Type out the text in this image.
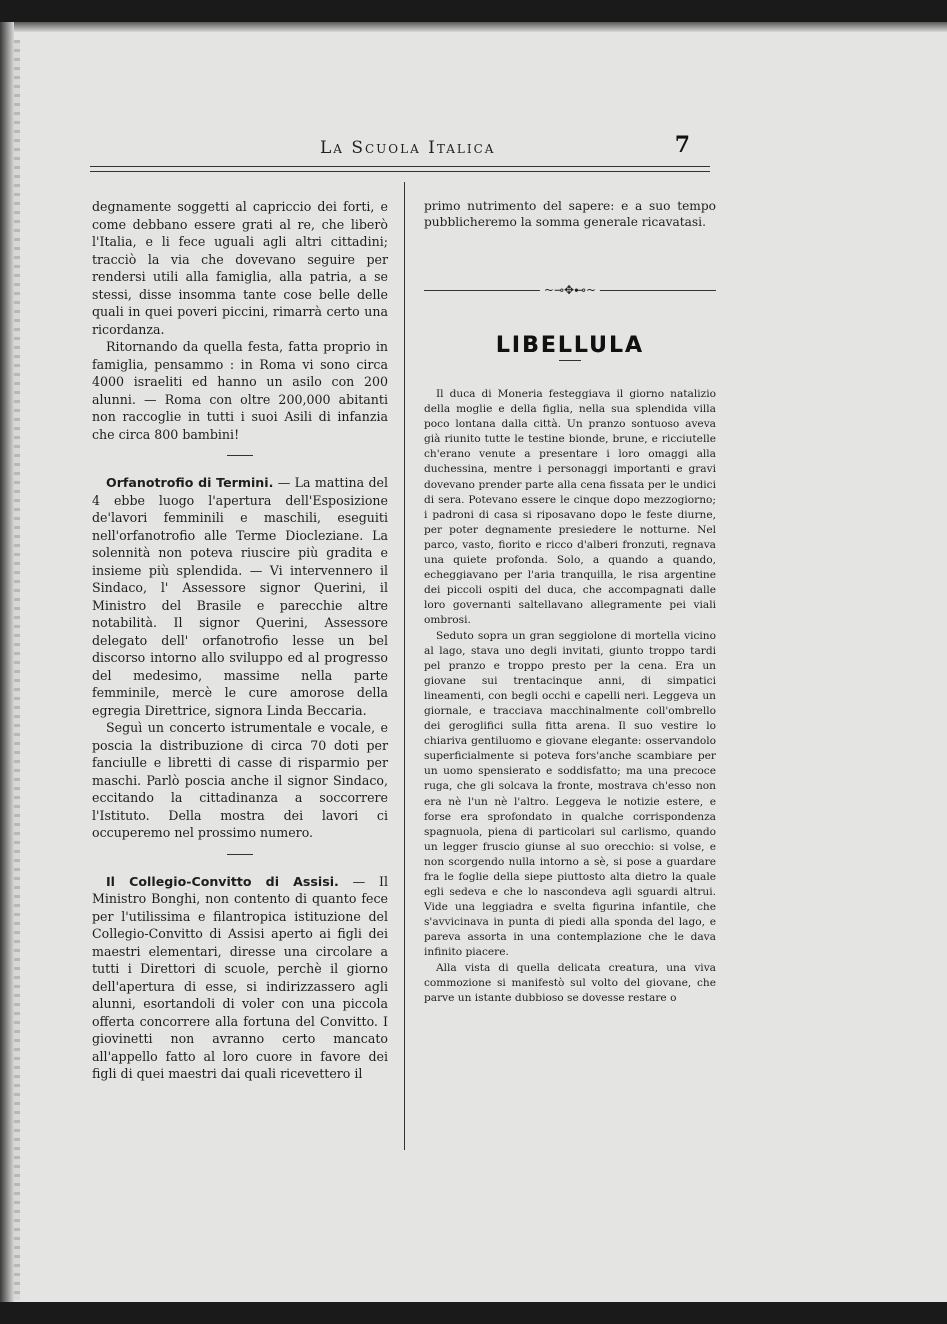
La Scuola Italica	7

degnamente soggetti al capriccio dei forti, e come debbano essere grati al re, che liberò l'Italia, e li fece uguali agli altri cittadini; tracciò la via che dovevano seguire per rendersi utili alla famiglia, alla patria, a se stessi, disse insomma tante cose belle delle quali in quei poveri piccini, rimarrà certo una ricordanza.

Ritornando da quella festa, fatta proprio in famiglia, pensammo : in Roma vi sono circa 4000 israeliti ed hanno un asilo con 200 alunni. — Roma con oltre 200,000 abitanti non raccoglie in tutti i suoi Asili di infanzia che circa 800 bambini!

Orfanotrofio di Termini. — La mattina del 4 ebbe luogo l'apertura dell'Esposizione de'lavori femminili e maschili, eseguiti nell'orfanotrofio alle Terme Diocleziane. La solennità non poteva riuscire più gradita e insieme più splendida. — Vi intervennero il Sindaco, l' Assessore signor Querini, il Ministro del Brasile e parecchie altre notabilità. Il signor Querini, Assessore delegato dell' orfanotrofio lesse un bel discorso intorno allo sviluppo ed al progresso del medesimo, massime nella parte femminile, mercè le cure amorose della egregia Direttrice, signora Linda Beccaria.

Seguì un concerto istrumentale e vocale, e poscia la distribuzione di circa 70 doti per fanciulle e libretti di casse di risparmio per maschi. Parlò poscia anche il signor Sindaco, eccitando la cittadinanza a soccorrere l'Istituto. Della mostra dei lavori ci occuperemo nel prossimo numero.

Il Collegio-Convitto di Assisi. — Il Ministro Bonghi, non contento di quanto fece per l'utilissima e filantropica istituzione del Collegio-Convitto di Assisi aperto ai figli dei maestri elementari, diresse una circolare a tutti i Direttori di scuole, perchè il giorno dell'apertura di esse, si indirizzassero agli alunni, esortandoli di voler con una piccola offerta concorrere alla fortuna del Convitto. I giovinetti non avranno certo mancato all'appello fatto al loro cuore in favore dei figli di quei maestri dai quali ricevettero il

primo nutrimento del sapere: e a suo tempo pubblicheremo la somma generale ricavatasi.

~⊸✥⊷~
LIBELLULA

Il duca di Moneria festeggiava il giorno natalizio della moglie e della figlia, nella sua splendida villa poco lontana dalla città. Un pranzo sontuoso aveva già riunito tutte le testine bionde, brune, e ricciutelle ch'erano venute a presentare i loro omaggi alla duchessina, mentre i personaggi importanti e gravi dovevano prender parte alla cena fissata per le undici di sera. Potevano essere le cinque dopo mezzogiorno; i padroni di casa si riposavano dopo le feste diurne, per poter degnamente presiedere le notturne. Nel parco, vasto, fiorito e ricco d'alberi fronzuti, regnava una quiete profonda. Solo, a quando a quando, echeggiavano per l'aria tranquilla, le risa argentine dei piccoli ospiti del duca, che accompagnati dalle loro governanti saltellavano allegramente pei viali ombrosi.

Seduto sopra un gran seggiolone di mortella vicino al lago, stava uno degli invitati, giunto troppo tardi pel pranzo e troppo presto per la cena. Era un giovane sui trentacinque anni, di simpatici lineamenti, con begli occhi e capelli neri. Leggeva un giornale, e tracciava macchinalmente coll'ombrello dei geroglifici sulla fitta arena. Il suo vestire lo chiariva gentiluomo e giovane elegante: osservandolo superficialmente si poteva fors'anche scambiare per un uomo spensierato e soddisfatto; ma una precoce ruga, che gli solcava la fronte, mostrava ch'esso non era nè l'un nè l'altro. Leggeva le notizie estere, e forse era sprofondato in qualche corrispondenza spagnuola, piena di particolari sul carlismo, quando un legger fruscio giunse al suo orecchio: si volse, e non scorgendo nulla intorno a sè, si pose a guardare fra le foglie della siepe piuttosto alta dietro la quale egli sedeva e che lo nascondeva agli sguardi altrui. Vide una leggiadra e svelta figurina infantile, che s'avvicinava in punta di piedi alla sponda del lago, e pareva assorta in una contemplazione che le dava infinito piacere.

Alla vista di quella delicata creatura, una viva commozione si manifestò sul volto del giovane, che parve un istante dubbioso se dovesse restare o
